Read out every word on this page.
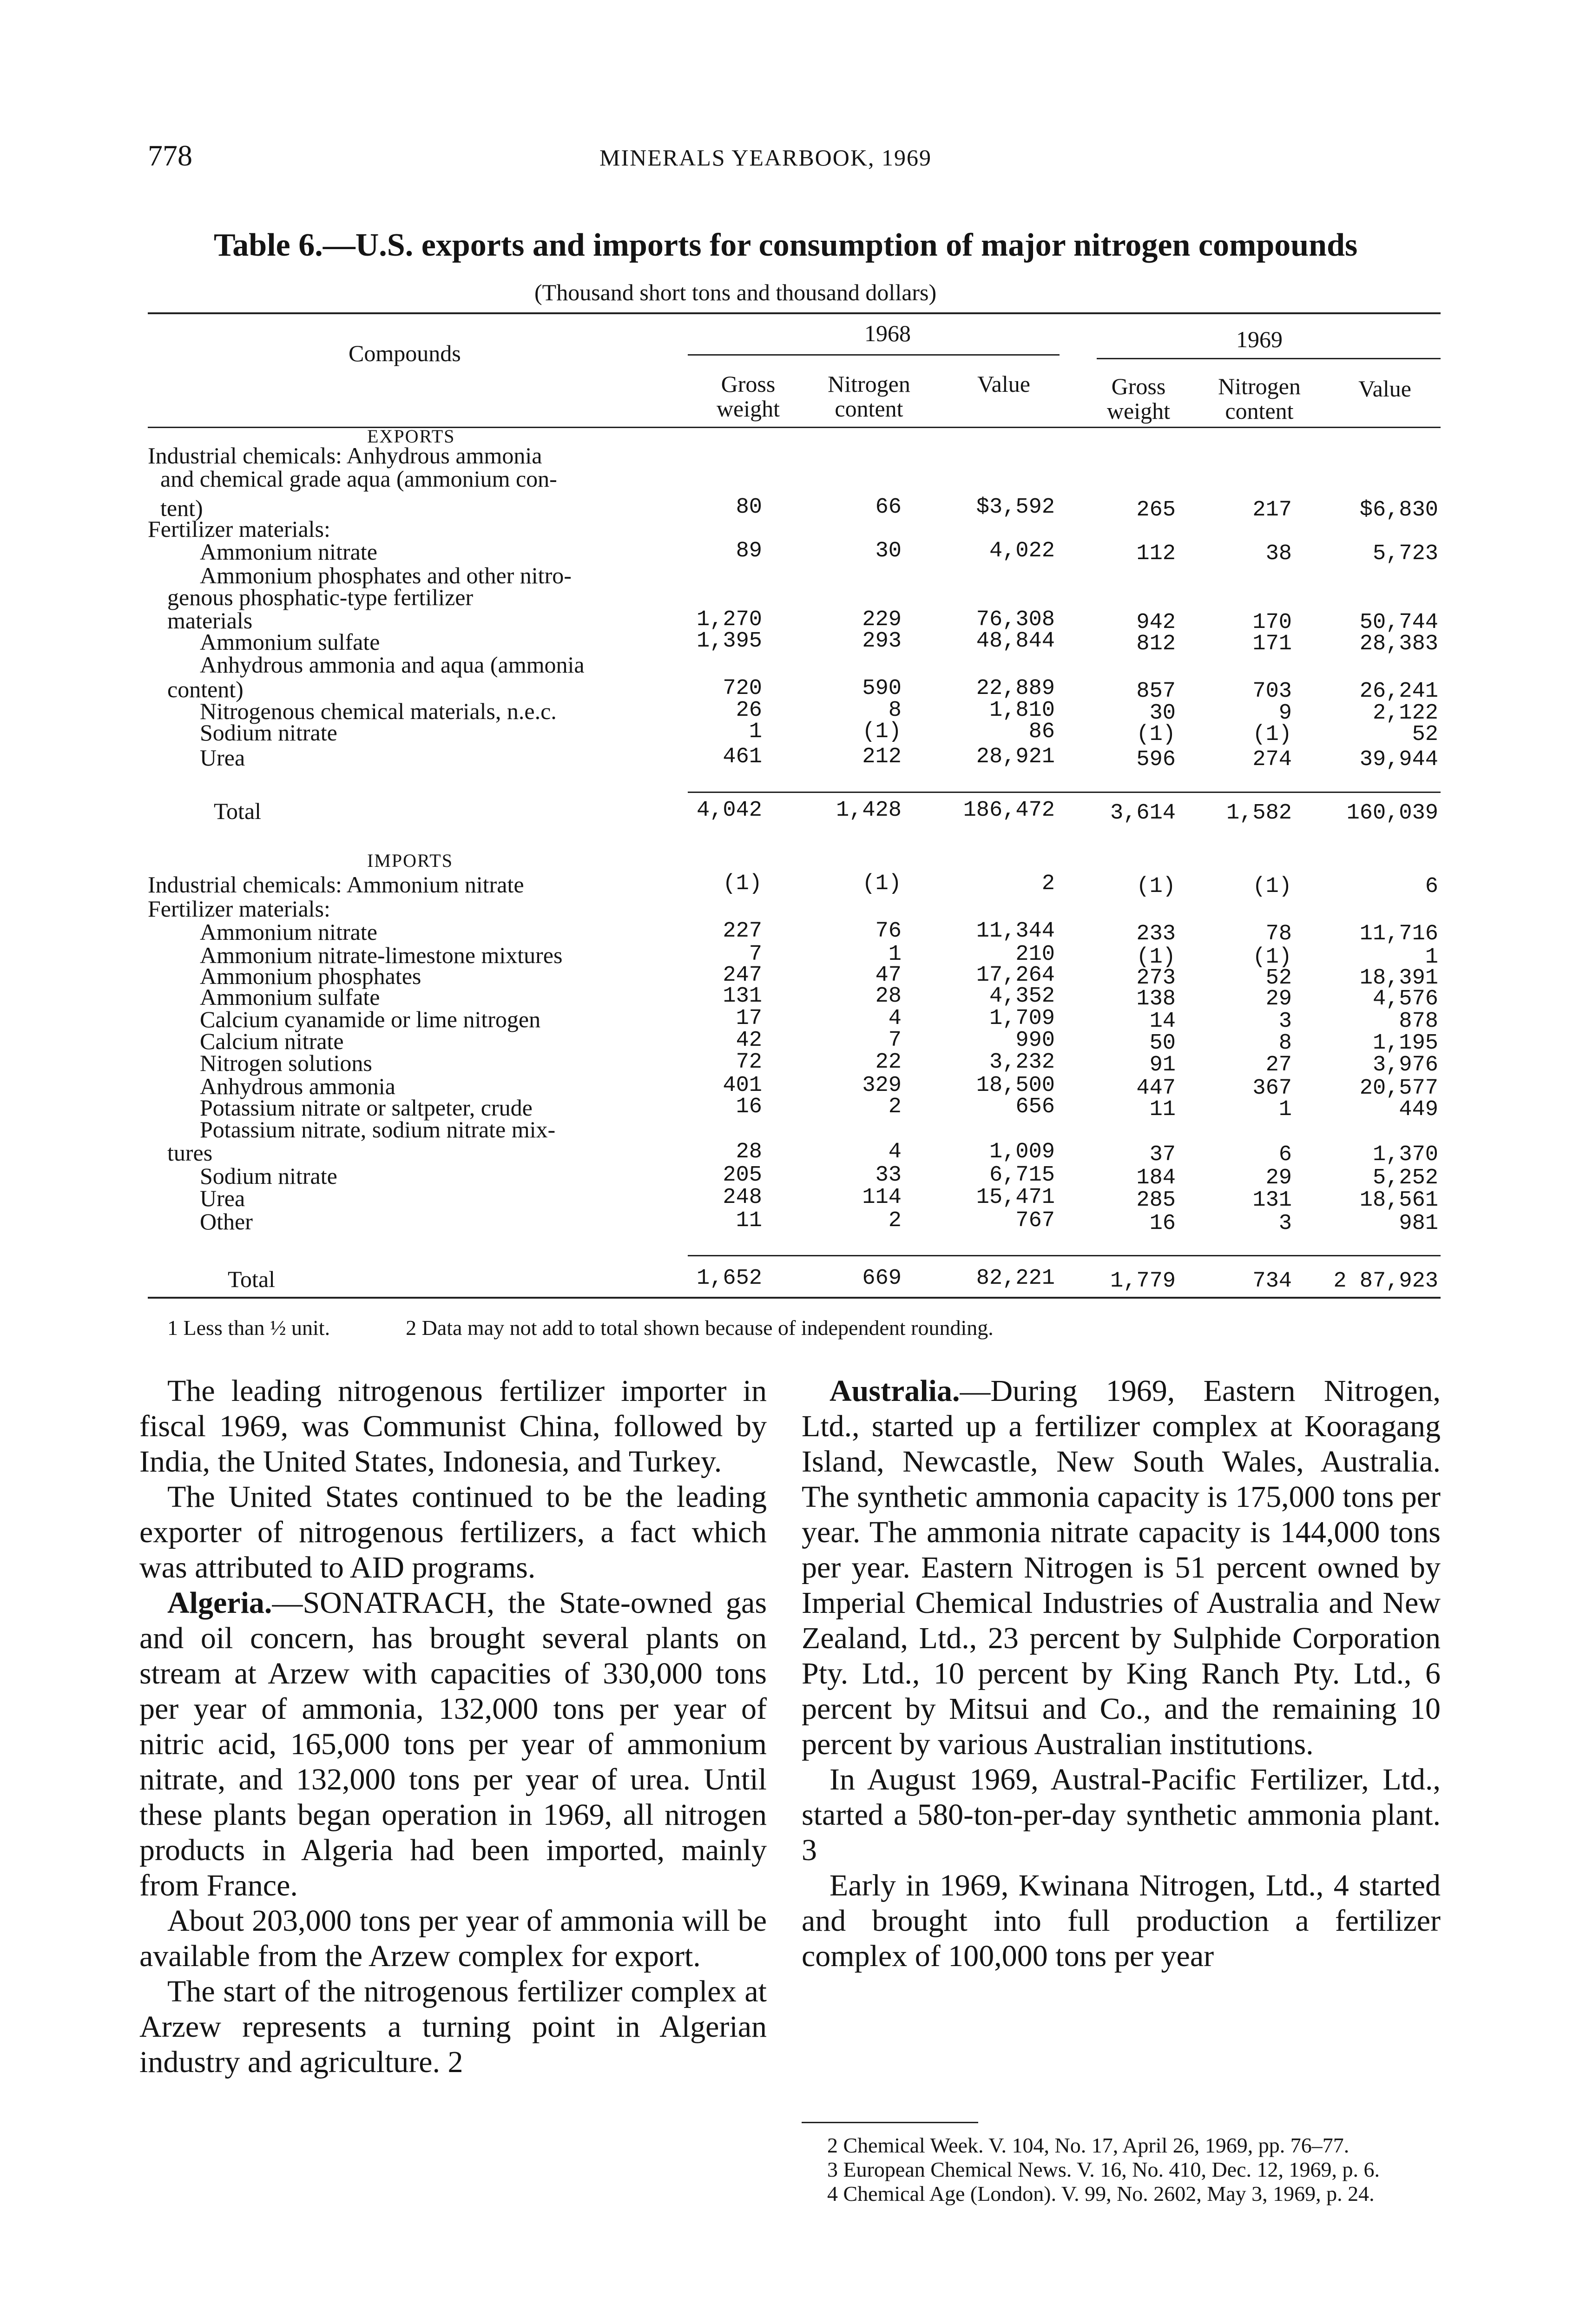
778	MINERALS YEARBOOK, 1969
Table 6.—U.S. exports and imports for consumption of major nitrogen compounds
(Thousand short tons and thousand dollars)
Compounds
1968	1969
Gross weight
Nitrogen content
Value	Gross weight
Nitrogen content
Value
EXPORTS
Industrial chemicals: Anhydrous ammonia
and chemical grade aqua (ammonium con-
tent)	80	66	$3,592	265	217	$6,830
Fertilizer materials:
Ammonium nitrate	89	30	4,022	112	38	5,723
Ammonium phosphates and other nitro-
genous phosphatic-type fertilizer
materials	1,270	229	76,308	942	170	50,744
Ammonium sulfate	1,395	293	48,844	812	171	28,383
Anhydrous ammonia and aqua (ammonia
content)	720	590	22,889	857	703	26,241
Nitrogenous chemical materials, n.e.c.	26	8	1,810	30	9	2,122
Sodium nitrate	1	(1)	86	(1)	(1)	52
Urea	461	212	28,921	596	274	39,944
Total	4,042	1,428	186,472	3,614	1,582	160,039
IMPORTS
Industrial chemicals: Ammonium nitrate	(1)	(1)	2	(1)	(1)	6
Fertilizer materials:
Ammonium nitrate	227	76	11,344	233	78	11,716
Ammonium nitrate-limestone mixtures	7	1	210	(1)	(1)	1
Ammonium phosphates	247	47	17,264	273	52	18,391
Ammonium sulfate	131	28	4,352	138	29	4,576
Calcium cyanamide or lime nitrogen	17	4	1,709	14	3	878
Calcium nitrate	42	7	990	50	8	1,195
Nitrogen solutions	72	22	3,232	91	27	3,976
Anhydrous ammonia	401	329	18,500	447	367	20,577
Potassium nitrate or saltpeter, crude	16	2	656	11	1	449
Potassium nitrate, sodium nitrate mix-
tures	28	4	1,009	37	6	1,370
Sodium nitrate	205	33	6,715	184	29	5,252
Urea	248	114	15,471	285	131	18,561
Other	11	2	767	16	3	981
Total	1,652	669	82,221	1,779	734	2 87,923
1 Less than ½ unit.	2 Data may not add to total shown because of independent rounding.

The leading nitrogenous fertilizer importer in fiscal 1969, was Communist China, followed by India, the United States, Indonesia, and Turkey.

The United States continued to be the leading exporter of nitrogenous fertilizers, a fact which was attributed to AID programs.

Algeria.—SONATRACH, the State-owned gas and oil concern, has brought several plants on stream at Arzew with capacities of 330,000 tons per year of ammonia, 132,000 tons per year of nitric acid, 165,000 tons per year of ammonium nitrate, and 132,000 tons per year of urea. Until these plants began operation in 1969, all nitrogen products in Algeria had been imported, mainly from France.

About 203,000 tons per year of ammonia will be available from the Arzew complex for export.

The start of the nitrogenous fertilizer complex at Arzew represents a turning point in Algerian industry and agriculture. 2

Australia.—During 1969, Eastern Nitrogen, Ltd., started up a fertilizer complex at Kooragang Island, Newcastle, New South Wales, Australia. The synthetic ammonia capacity is 175,000 tons per year. The ammonia nitrate capacity is 144,000 tons per year. Eastern Nitrogen is 51 percent owned by Imperial Chemical Industries of Australia and New Zealand, Ltd., 23 percent by Sulphide Corporation Pty. Ltd., 10 percent by King Ranch Pty. Ltd., 6 percent by Mitsui and Co., and the remaining 10 percent by various Australian institutions.

In August 1969, Austral-Pacific Fertilizer, Ltd., started a 580-ton-per-day synthetic ammonia plant. 3

Early in 1969, Kwinana Nitrogen, Ltd., 4 started and brought into full production a fertilizer complex of 100,000 tons per year

2 Chemical Week. V. 104, No. 17, April 26, 1969, pp. 76–77.

3 European Chemical News. V. 16, No. 410, Dec. 12, 1969, p. 6.

4 Chemical Age (London). V. 99, No. 2602, May 3, 1969, p. 24.
